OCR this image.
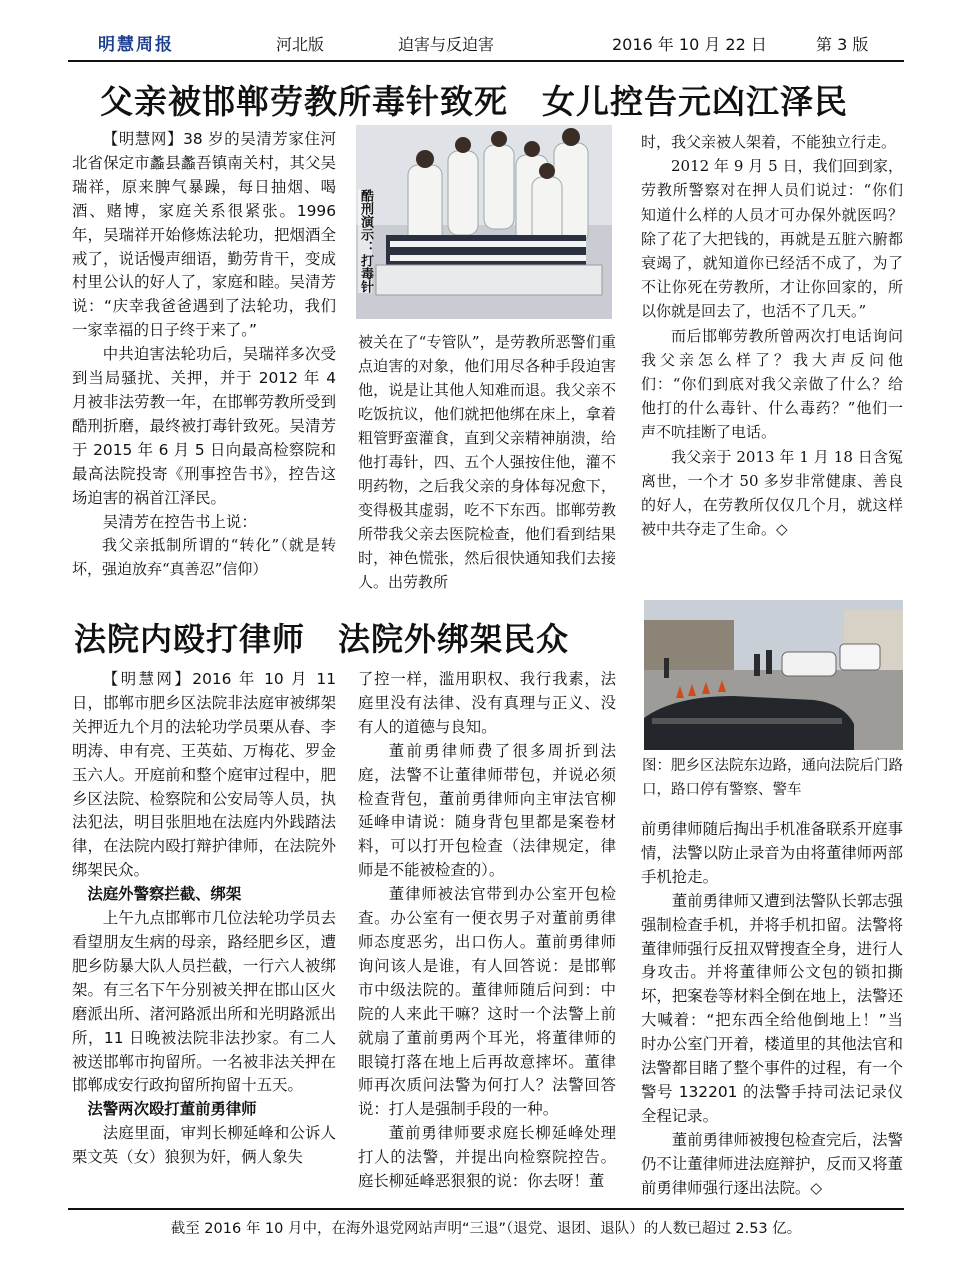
明慧周报	河北版	迫害与反迫害	2016 年 10 月 22 日	第 3 版
父亲被邯郸劳教所毒针致死　女儿控告元凶江泽民

【明慧网】38 岁的吴清芳家住河北省保定市蠡县蠡吾镇南关村，其父吴瑞祥，原来脾气暴躁，每日抽烟、喝酒、赌博，家庭关系很紧张。1996 年，吴瑞祥开始修炼法轮功，把烟酒全戒了，说话慢声细语，勤劳肯干，变成村里公认的好人了，家庭和睦。吴清芳说：“庆幸我爸爸遇到了法轮功，我们一家幸福的日子终于来了。”

中共迫害法轮功后，吴瑞祥多次受到当局骚扰、关押，并于 2012 年 4 月被非法劳教一年，在邯郸劳教所受到酷刑折磨，最终被打毒针致死。吴清芳于 2015 年 6 月 5 日向最高检察院和最高法院投寄《刑事控告书》，控告这场迫害的祸首江泽民。

吴清芳在控告书上说：

我父亲抵制所谓的“转化”（就是转坏，强迫放弃“真善忍”信仰）

酷刑演示：打毒针

被关在了“专管队”，是劳教所恶警们重点迫害的对象，他们用尽各种手段迫害他，说是让其他人知难而退。我父亲不吃饭抗议，他们就把他绑在床上，拿着粗管野蛮灌食，直到父亲精神崩溃，给他打毒针，四、五个人强按住他，灌不明药物，之后我父亲的身体每况愈下，变得极其虚弱，吃不下东西。邯郸劳教所带我父亲去医院检查，他们看到结果时，神色慌张，然后很快通知我们去接人。出劳教所

时，我父亲被人架着，不能独立行走。

2012 年 9 月 5 日，我们回到家，劳教所警察对在押人员们说过：“你们知道什么样的人员才可办保外就医吗？除了花了大把钱的，再就是五脏六腑都衰竭了，就知道你已经活不成了，为了不让你死在劳教所，才让你回家的，所以你就是回去了，也活不了几天。”

而后邯郸劳教所曾两次打电话询问我父亲怎么样了？我大声反问他们：“你们到底对我父亲做了什么？给他打的什么毒针、什么毒药？”他们一声不吭挂断了电话。

我父亲于 2013 年 1 月 18 日含冤离世，一个才 50 多岁非常健康、善良的好人，在劳教所仅仅几个月，就这样被中共夺走了生命。◇

法院内殴打律师　法院外绑架民众

【明慧网】2016 年 10 月 11 日，邯郸市肥乡区法院非法庭审被绑架关押近九个月的法轮功学员栗从春、李明涛、申有亮、王英茹、万梅花、罗金玉六人。开庭前和整个庭审过程中，肥乡区法院、检察院和公安局等人员，执法犯法，明目张胆地在法庭内外践踏法律，在法院内殴打辩护律师，在法院外绑架民众。

法庭外警察拦截、绑架

上午九点邯郸市几位法轮功学员去看望朋友生病的母亲，路经肥乡区，遭肥乡防暴大队人员拦截，一行六人被绑架。有三名下午分别被关押在邯山区火磨派出所、渚河路派出所和光明路派出所，11 日晚被法院非法抄家。有二人被送邯郸市拘留所。一名被非法关押在邯郸成安行政拘留所拘留十五天。

法警两次殴打董前勇律师

法庭里面，审判长柳延峰和公诉人栗文英（女）狼狈为奸，俩人象失

了控一样，滥用职权、我行我素，法庭里没有法律、没有真理与正义、没有人的道德与良知。

董前勇律师费了很多周折到法庭，法警不让董律师带包，并说必须检查背包，董前勇律师向主审法官柳延峰申请说：随身背包里都是案卷材料，可以打开包检查（法律规定，律师是不能被检查的）。

董律师被法官带到办公室开包检查。办公室有一便衣男子对董前勇律师态度恶劣，出口伤人。董前勇律师询问该人是谁，有人回答说：是邯郸市中级法院的。董律师随后问到：中院的人来此干嘛？这时一个法警上前就扇了董前勇两个耳光，将董律师的眼镜打落在地上后再故意摔坏。董律师再次质问法警为何打人？法警回答说：打人是强制手段的一种。

董前勇律师要求庭长柳延峰处理打人的法警，并提出向检察院控告。庭长柳延峰恶狠狠的说：你去呀！董

图：肥乡区法院东边路，通向法院后门路口，路口停有警察、警车

前勇律师随后掏出手机准备联系开庭事情，法警以防止录音为由将董律师两部手机抢走。

董前勇律师又遭到法警队长郭志强强制检查手机，并将手机扣留。法警将董律师强行反扭双臂搜查全身，进行人身攻击。并将董律师公文包的锁扣撕坏，把案卷等材料全倒在地上，法警还大喊着：“把东西全给他倒地上！”当时办公室门开着，楼道里的其他法官和法警都目睹了整个事件的过程，有一个警号 132201 的法警手持司法记录仪全程记录。

董前勇律师被搜包检查完后，法警仍不让董律师进法庭辩护，反而又将董前勇律师强行逐出法院。◇

截至 2016 年 10 月中，在海外退党网站声明“三退”（退党、退团、退队）的人数已超过 2.53 亿。
